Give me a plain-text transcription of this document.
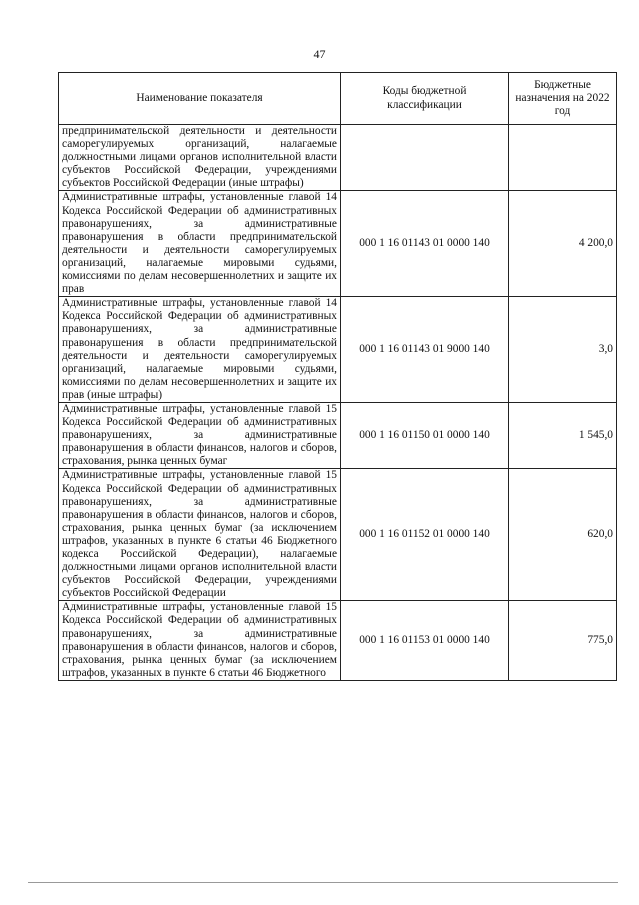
47
Наименование показателя	Коды бюджетной классификации	Бюджетные назначения на 2022 год
предпринимательской деятельности и деятельности саморегулируемых организаций, налагаемые должностными лицами органов исполнительной власти субъектов Российской Федерации, учреждениями субъектов Российской Федерации (иные штрафы)		
Административные штрафы, установленные главой 14 Кодекса Российской Федерации об административных правонарушениях, за административные правонарушения в области предпринимательской деятельности и деятельности саморегулируемых организаций, налагаемые мировыми судьями, комиссиями по делам несовершеннолетних и защите их прав	000 1 16 01143 01 0000 140	4 200,0
Административные штрафы, установленные главой 14 Кодекса Российской Федерации об административных правонарушениях, за административные правонарушения в области предпринимательской деятельности и деятельности саморегулируемых организаций, налагаемые мировыми судьями, комиссиями по делам несовершеннолетних и защите их прав (иные штрафы)	000 1 16 01143 01 9000 140	3,0
Административные штрафы, установленные главой 15 Кодекса Российской Федерации об административных правонарушениях, за административные правонарушения в области финансов, налогов и сборов, страхования, рынка ценных бумаг	000 1 16 01150 01 0000 140	1 545,0
Административные штрафы, установленные главой 15 Кодекса Российской Федерации об административных правонарушениях, за административные правонарушения в области финансов, налогов и сборов, страхования, рынка ценных бумаг (за исключением штрафов, указанных в пункте 6 статьи 46 Бюджетного кодекса Российской Федерации), налагаемые должностными лицами органов исполнительной власти субъектов Российской Федерации, учреждениями субъектов Российской Федерации	000 1 16 01152 01 0000 140	620,0
Административные штрафы, установленные главой 15 Кодекса Российской Федерации об административных правонарушениях, за административные правонарушения в области финансов, налогов и сборов, страхования, рынка ценных бумаг (за исключением штрафов, указанных в пункте 6 статьи 46 Бюджетного	000 1 16 01153 01 0000 140	775,0
